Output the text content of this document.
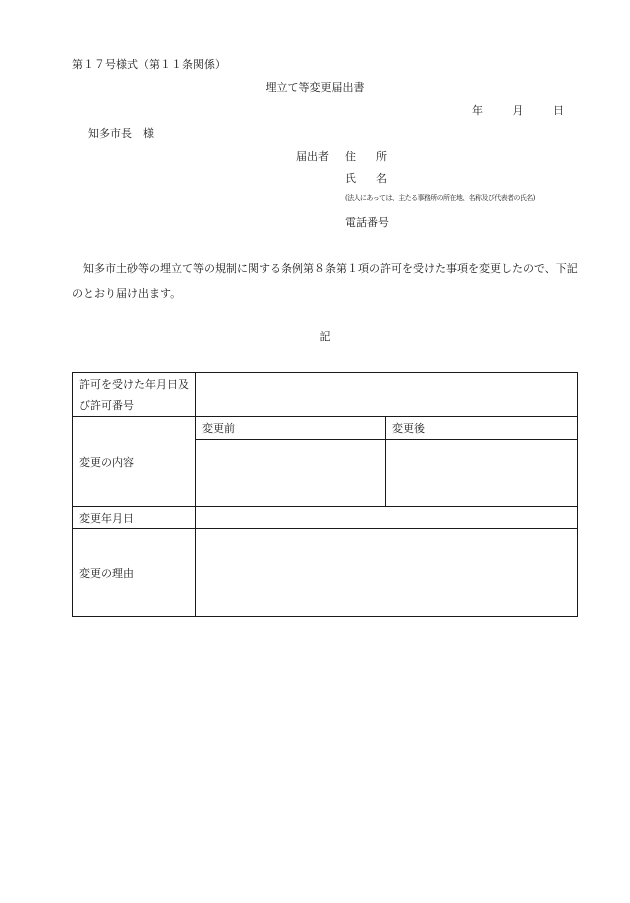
第１７号様式（第１１条関係）
埋立て等変更届出書
年	月	日
知多市長　様
届出者 住所
氏名
(法人にあっては、主たる事務所の所在地、名称及び代表者の氏名)
電話番号
知多市土砂等の埋立て等の規制に関する条例第８条第１項の許可を受けた事項を変更したので、下記のとおり届け出ます。
記
許可を受けた年月日及び許可番号		
変更の内容	変更前	変更後

変更年月日		
変更の理由		
